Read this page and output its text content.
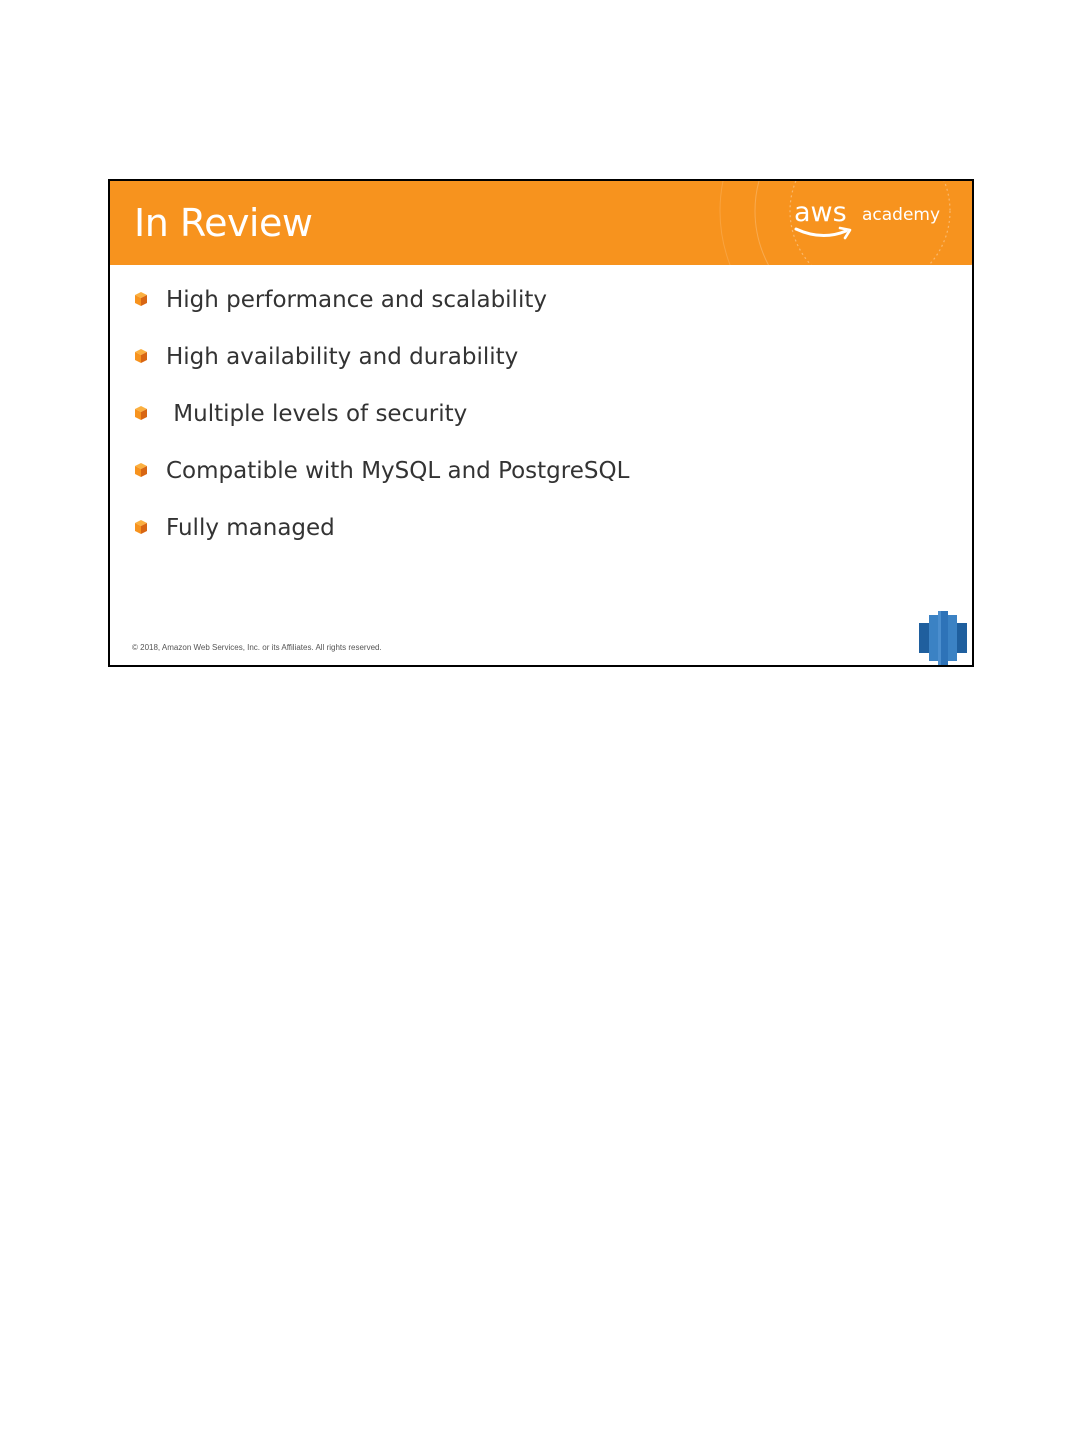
In Review	aws academy
High performance and scalability
High availability and durability
Multiple levels of security
Compatible with MySQL and PostgreSQL
Fully managed
© 2018, Amazon Web Services, Inc. or its Affiliates. All rights reserved.
